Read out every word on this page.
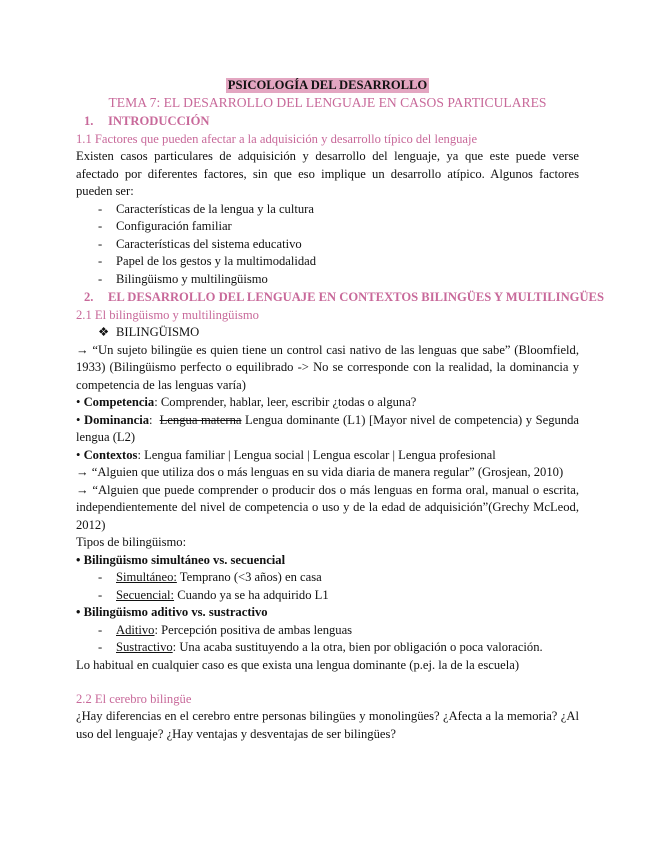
PSICOLOGÍA DEL DESARROLLO

TEMA 7: EL DESARROLLO DEL LENGUAJE EN CASOS PARTICULARES

1. INTRODUCCIÓN

1.1 Factores que pueden afectar a la adquisición y desarrollo típico del lenguaje

Existen casos particulares de adquisición y desarrollo del lenguaje, ya que este puede verse afectado por diferentes factores, sin que eso implique un desarrollo atípico. Algunos factores pueden ser:

- Características de la lengua y la cultura
- Configuración familiar
- Características del sistema educativo
- Papel de los gestos y la multimodalidad
- Bilingüismo y multilingüismo

2. EL DESARROLLO DEL LENGUAJE EN CONTEXTOS BILINGÜES Y MULTILINGÜES

2.1 El bilingüismo y multilingüismo

❖ BILINGÜISMO

→ “Un sujeto bilingüe es quien tiene un control casi nativo de las lenguas que sabe” (Bloomfield, 1933) (Bilingüismo perfecto o equilibrado -> No se corresponde con la realidad, la dominancia y competencia de las lenguas varía)

• Competencia: Comprender, hablar, leer, escribir ¿todas o alguna?

• Dominancia:  Lengua materna Lengua dominante (L1) [Mayor nivel de competencia) y Segunda lengua (L2)

• Contextos: Lengua familiar | Lengua social | Lengua escolar | Lengua profesional

→ “Alguien que utiliza dos o más lenguas en su vida diaria de manera regular” (Grosjean, 2010)

→ “Alguien que puede comprender o producir dos o más lenguas en forma oral, manual o escrita, independientemente del nivel de competencia o uso y de la edad de adquisición”(Grechy McLeod, 2012)

Tipos de bilingüismo:

• Bilingüismo simultáneo vs. secuencial

- Simultáneo: Temprano (<3 años) en casa
- Secuencial: Cuando ya se ha adquirido L1

• Bilingüismo aditivo vs. sustractivo

- Aditivo: Percepción positiva de ambas lenguas
- Sustractivo: Una acaba sustituyendo a la otra, bien por obligación o poca valoración.

Lo habitual en cualquier caso es que exista una lengua dominante (p.ej. la de la escuela)

2.2 El cerebro bilingüe

¿Hay diferencias en el cerebro entre personas bilingües y monolingües? ¿Afecta a la memoria? ¿Al uso del lenguaje? ¿Hay ventajas y desventajas de ser bilingües?
